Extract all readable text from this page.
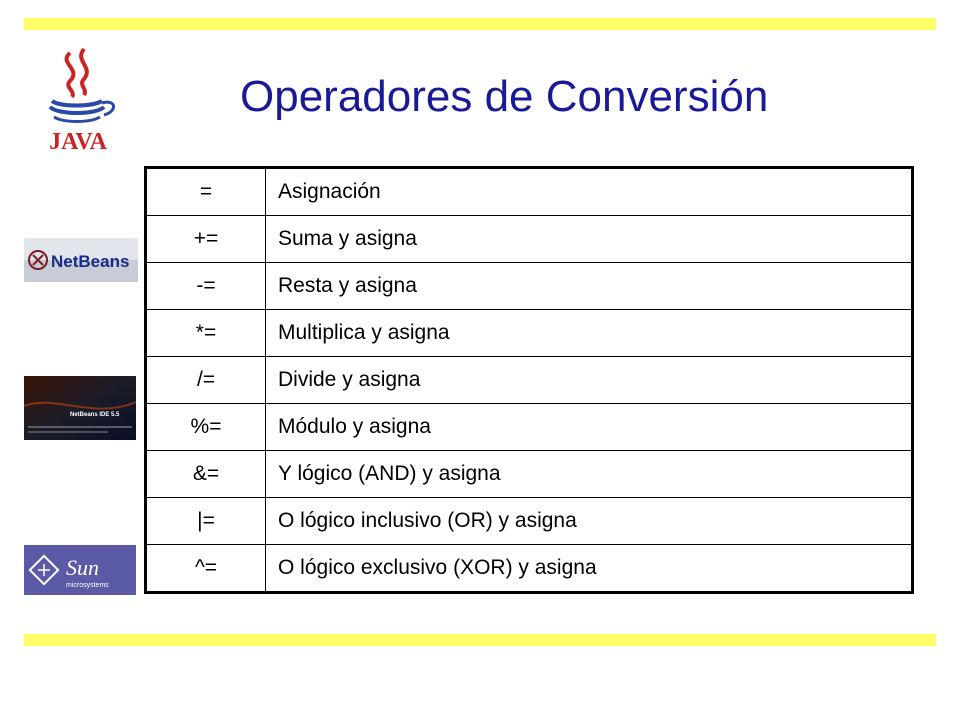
JAVA
Operadores de Conversión
NetBeans
NetBeans IDE 5.5
Sun
microsystems
=	Asignación
+=	Suma y asigna
-=	Resta y asigna
*=	Multiplica y asigna
/=	Divide y asigna
%=	Módulo y asigna
&=	Y lógico (AND) y asigna
|=	O lógico inclusivo (OR) y asigna
^=	O lógico exclusivo (XOR) y asigna
